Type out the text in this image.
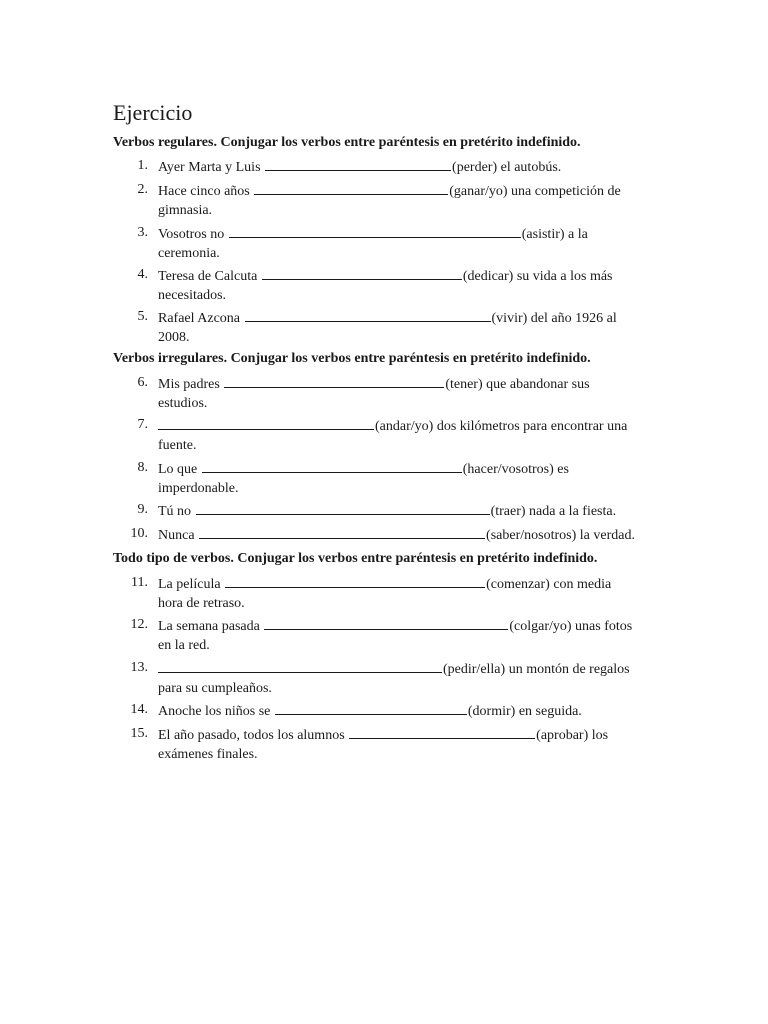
Ejercicio
Verbos regulares. Conjugar los verbos entre paréntesis en pretérito indefinido.
1. Ayer Marta y Luis	(perder) el autobús.
2. Hace cinco años	(ganar/yo) una competición de
gimnasia.
3. Vosotros no	(asistir) a la
ceremonia.
4. Teresa de Calcuta	(dedicar) su vida a los más
necesitados.
5. Rafael Azcona	(vivir) del año 1926 al
2008.
Verbos irregulares. Conjugar los verbos entre paréntesis en pretérito indefinido.
6. Mis padres	(tener) que abandonar sus
estudios.
7.	(andar/yo) dos kilómetros para encontrar una
fuente.
8. Lo que	(hacer/vosotros) es
imperdonable.
9. Tú no	(traer) nada a la fiesta.
10. Nunca	(saber/nosotros) la verdad.
Todo tipo de verbos. Conjugar los verbos entre paréntesis en pretérito indefinido.
11. La película	(comenzar) con media
hora de retraso.
12. La semana pasada	(colgar/yo) unas fotos
en la red.
13.	(pedir/ella) un montón de regalos
para su cumpleaños.
14. Anoche los niños se	(dormir) en seguida.
15. El año pasado, todos los alumnos	(aprobar) los
exámenes finales.
